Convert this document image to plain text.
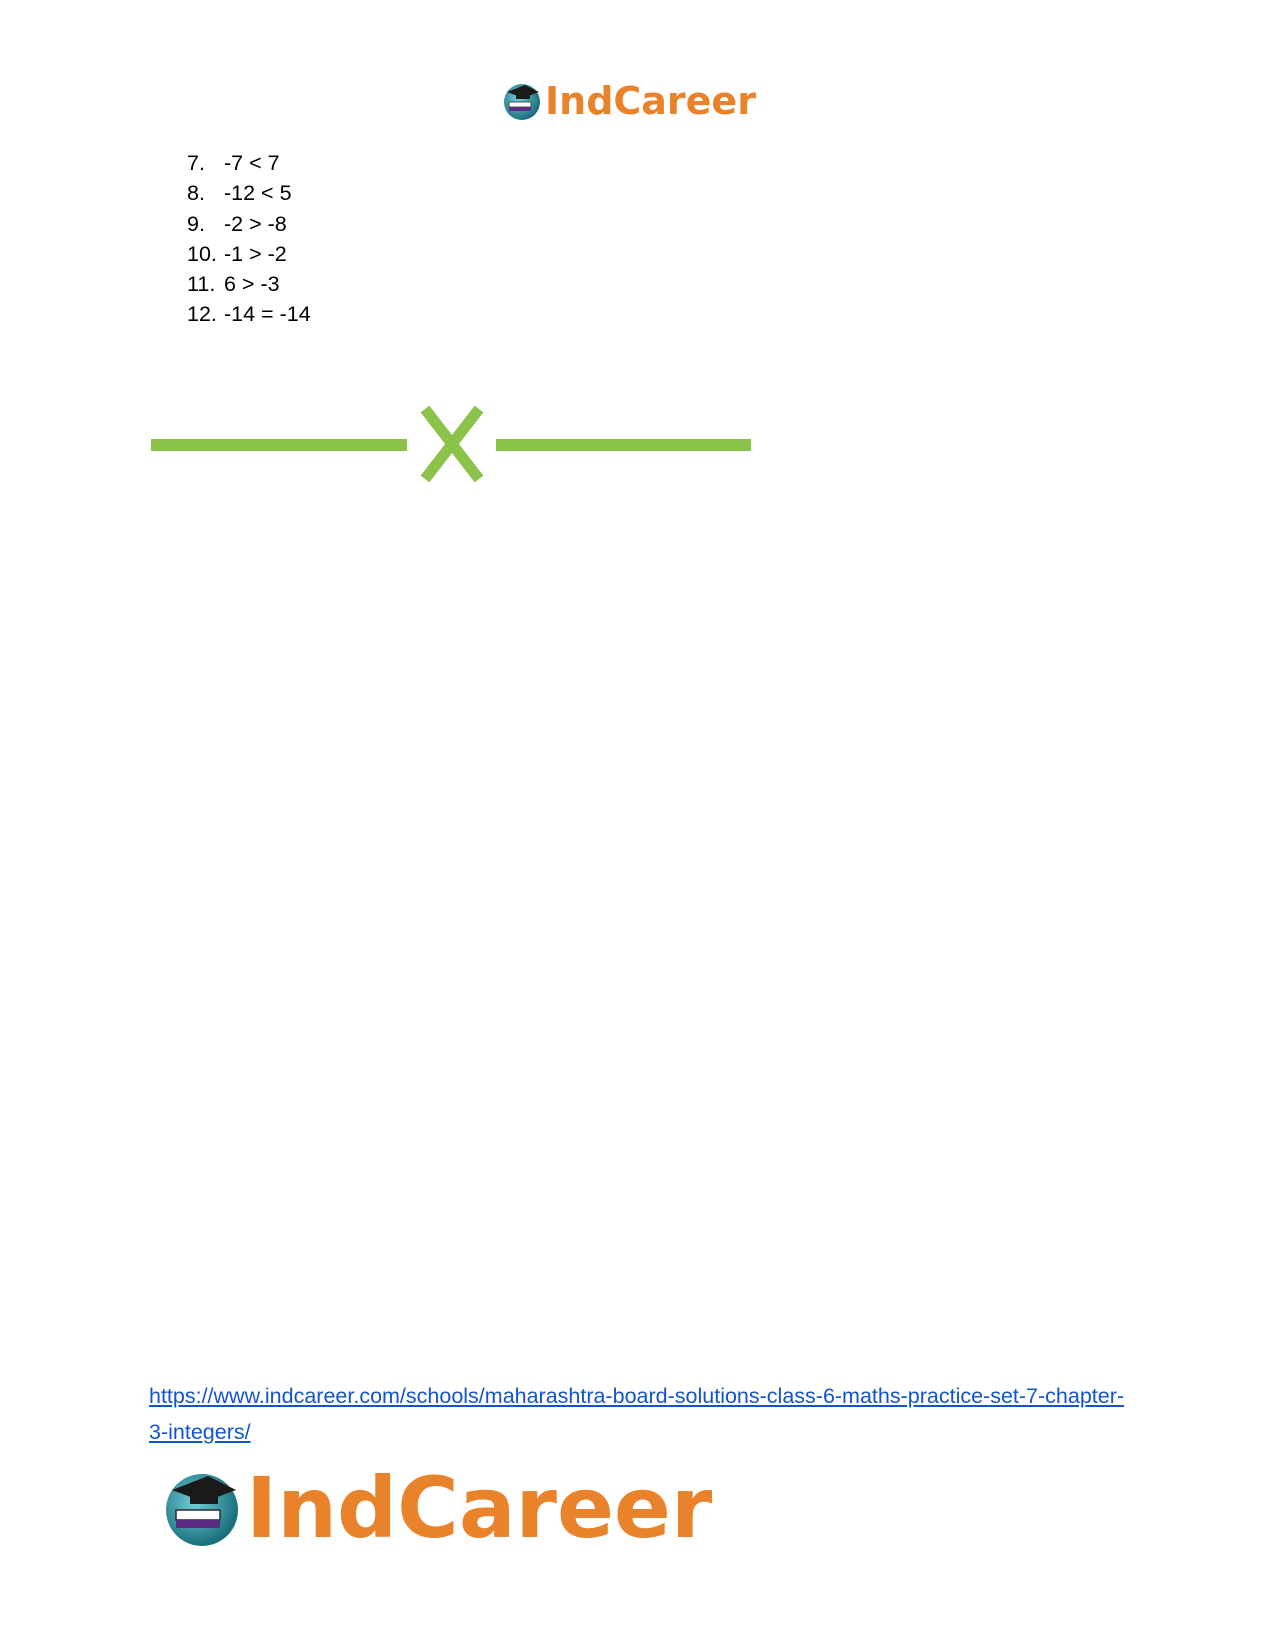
IndCareer
7. -7 < 7
8. -12 < 5
9. -2 > -8
10. -1 > -2
11. 6 > -3
12. -14 = -14
https://www.indcareer.com/schools/maharashtra-board-solutions-class-6-maths-practice-set-7-chapter-3-integers/
IndCareer
